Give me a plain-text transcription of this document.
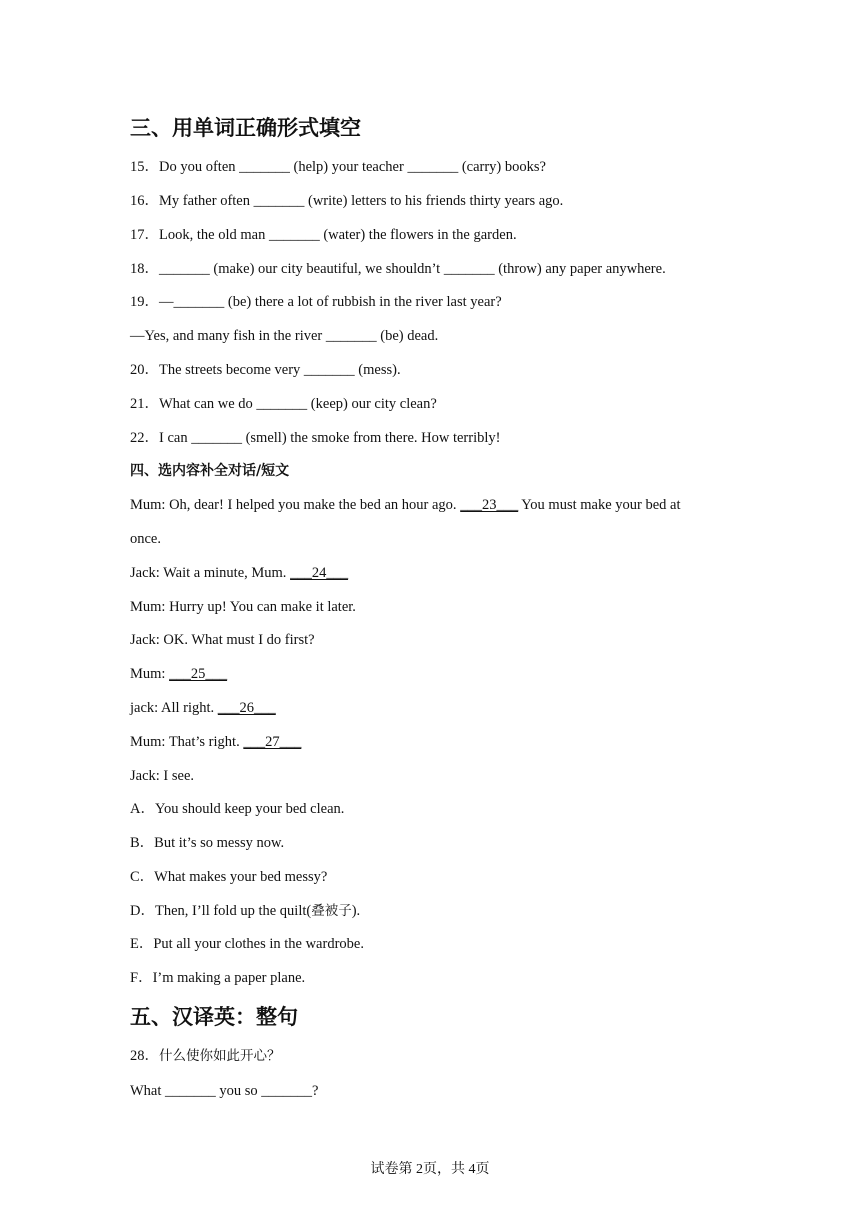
三、用单词正确形式填空
15．Do you often _______ (help) your teacher _______ (carry) books?
16．My father often _______ (write) letters to his friends thirty years ago.
17．Look, the old man _______ (water) the flowers in the garden.
18．_______ (make) our city beautiful, we shouldn’t _______ (throw) any paper anywhere.
19．—_______ (be) there a lot of rubbish in the river last year?
—Yes, and many fish in the river _______ (be) dead.
20．The streets become very _______ (mess).
21．What can we do _______ (keep) our city clean?
22．I can _______ (smell) the smoke from there. How terribly!
四、选内容补全对话/短文
Mum: Oh, dear! I helped you make the bed an hour ago. ___23___ You must make your bed at
once.
Jack: Wait a minute, Mum. ___24___
Mum: Hurry up! You can make it later.
Jack: OK. What must I do first?
Mum: ___25___
jack: All right. ___26___
Mum: That’s right. ___27___
Jack: I see.
A．You should keep your bed clean.
B．But it’s so messy now.
C．What makes your bed messy?
D．Then, I’ll fold up the quilt(叠被子).
E．Put all your clothes in the wardrobe.
F．I’m making a paper plane.
五、汉译英：整句
28．什么使你如此开心？
What _______ you so _______?
试卷第 2页，共 4页
